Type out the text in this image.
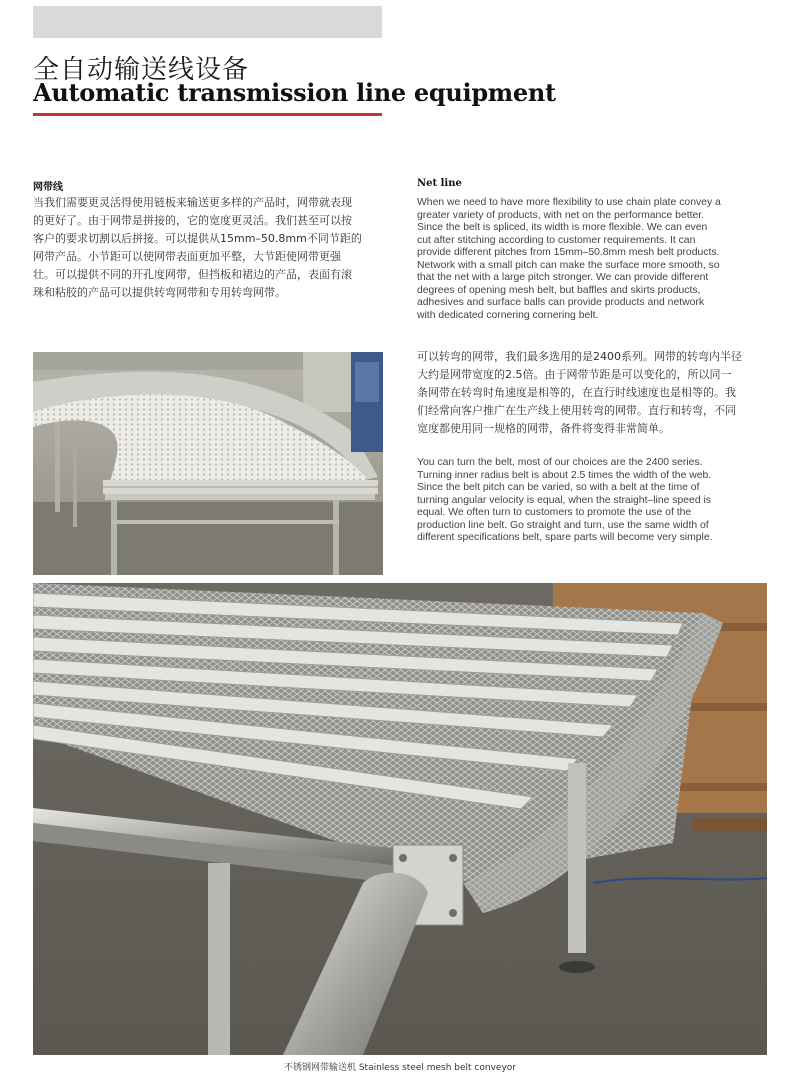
全自动输送线设备
Automatic transmission line equipment
网带线
当我们需要更灵活得使用链板来输送更多样的产品时，网带就表现
的更好了。由于网带是拼接的，它的宽度更灵活。我们甚至可以按
客户的要求切割以后拼接。可以提供从15mm–50.8mm不同节距的
网带产品。小节距可以使网带表面更加平整，大节距使网带更强
壮。可以提供不同的开孔度网带，但挡板和裙边的产品，表面有滚
珠和粘胶的产品可以提供转弯网带和专用转弯网带。
Net line
When we need to have more flexibility to use chain plate convey a
greater variety of products, with net on the performance better.
Since the belt is spliced, its width is more flexible. We can even
cut after stitching according to customer requirements. It can
provide different pitches from 15mm–50.8mm mesh belt products.
Network with a small pitch can make the surface more smooth, so
that the net with a large pitch stronger. We can provide different
degrees of opening mesh belt, but baffles and skirts products,
adhesives and surface balls can provide products and network
with dedicated cornering cornering belt.
可以转弯的网带，我们最多选用的是2400系列。网带的转弯内半径
大约是网带宽度的2.5倍。由于网带节距是可以变化的，所以同一
条网带在转弯时角速度是相等的，在直行时线速度也是相等的。我
们经常向客户推广在生产线上使用转弯的网带。直行和转弯，不同
宽度都使用同一规格的网带，备件将变得非常简单。
You can turn the belt, most of our choices are the 2400 series.
Turning inner radius belt is about 2.5 times the width of the web.
Since the belt pitch can be varied, so with a belt at the time of
turning angular velocity is equal, when the straight–line speed is
equal. We often turn to customers to promote the use of the
production line belt. Go straight and turn, use the same width of
different specifications belt, spare parts will become very simple.
不锈钢网带输送机 Stainless steel mesh belt conveyor
